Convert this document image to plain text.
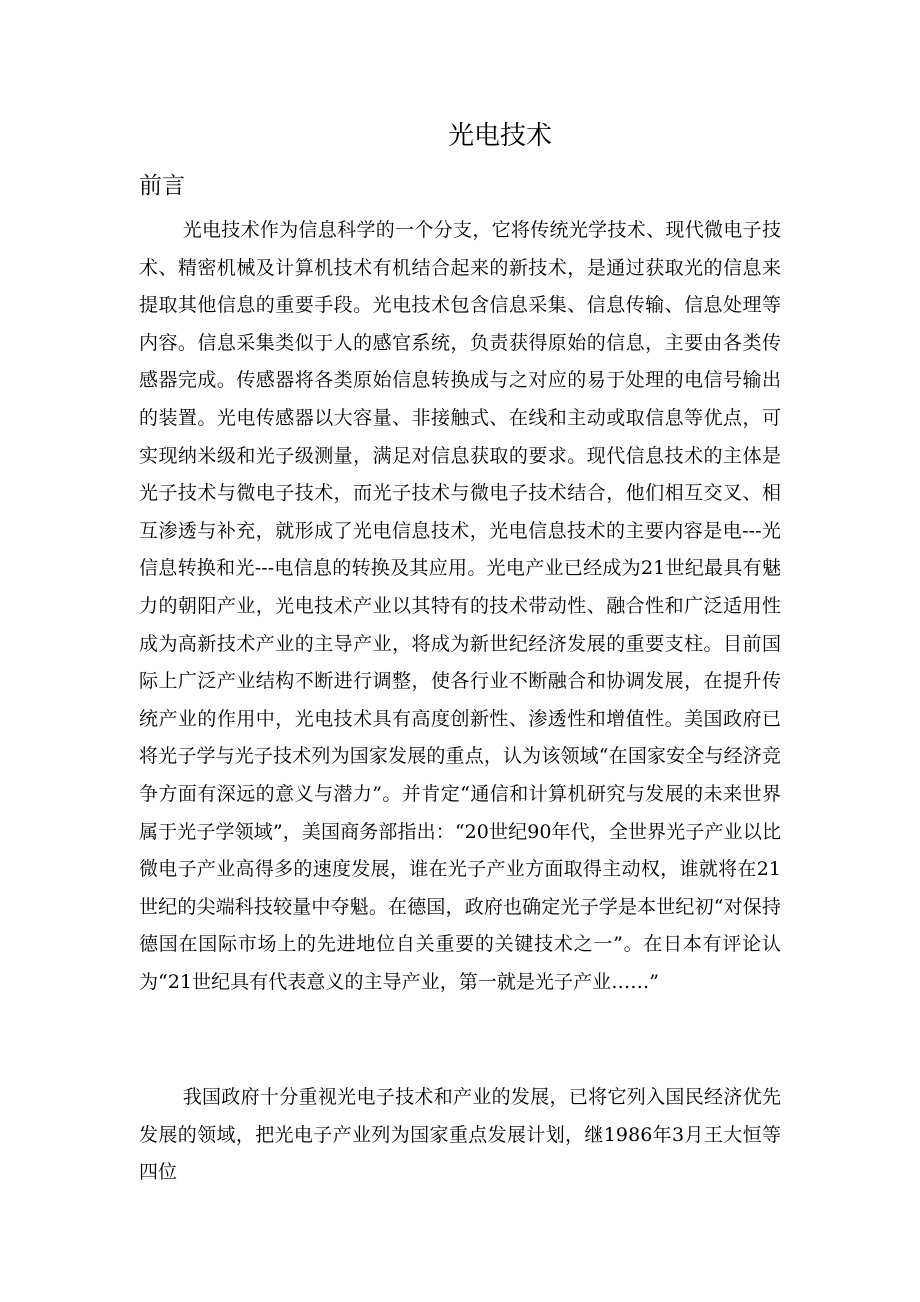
光电技术
前言

光电技术作为信息科学的一个分支，它将传统光学技术、现代微电子技术、精密机械及计算机技术有机结合起来的新技术，是通过获取光的信息来提取其他信息的重要手段。光电技术包含信息采集、信息传输、信息处理等内容。信息采集类似于人的感官系统，负责获得原始的信息，主要由各类传感器完成。传感器将各类原始信息转换成与之对应的易于处理的电信号输出的装置。光电传感器以大容量、非接触式、在线和主动或取信息等优点，可实现纳米级和光子级测量，满足对信息获取的要求。现代信息技术的主体是光子技术与微电子技术，而光子技术与微电子技术结合，他们相互交叉、相互渗透与补充，就形成了光电信息技术，光电信息技术的主要内容是电---光信息转换和光---电信息的转换及其应用。光电产业已经成为21世纪最具有魅力的朝阳产业，光电技术产业以其特有的技术带动性、融合性和广泛适用性成为高新技术产业的主导产业，将成为新世纪经济发展的重要支柱。目前国际上广泛产业结构不断进行调整，使各行业不断融合和协调发展，在提升传统产业的作用中，光电技术具有高度创新性、渗透性和增值性。美国政府已将光子学与光子技术列为国家发展的重点，认为该领域“在国家安全与经济竞争方面有深远的意义与潜力”。并肯定“通信和计算机研究与发展的未来世界属于光子学领域”，美国商务部指出：“20世纪90年代，全世界光子产业以比微电子产业高得多的速度发展，谁在光子产业方面取得主动权，谁就将在21世纪的尖端科技较量中夺魁。在德国，政府也确定光子学是本世纪初“对保持德国在国际市场上的先进地位自关重要的关键技术之一”。在日本有评论认为“21世纪具有代表意义的主导产业，第一就是光子产业……”

我国政府十分重视光电子技术和产业的发展，已将它列入国民经济优先发展的领域，把光电子产业列为国家重点发展计划，继1986年3月王大恒等四位
